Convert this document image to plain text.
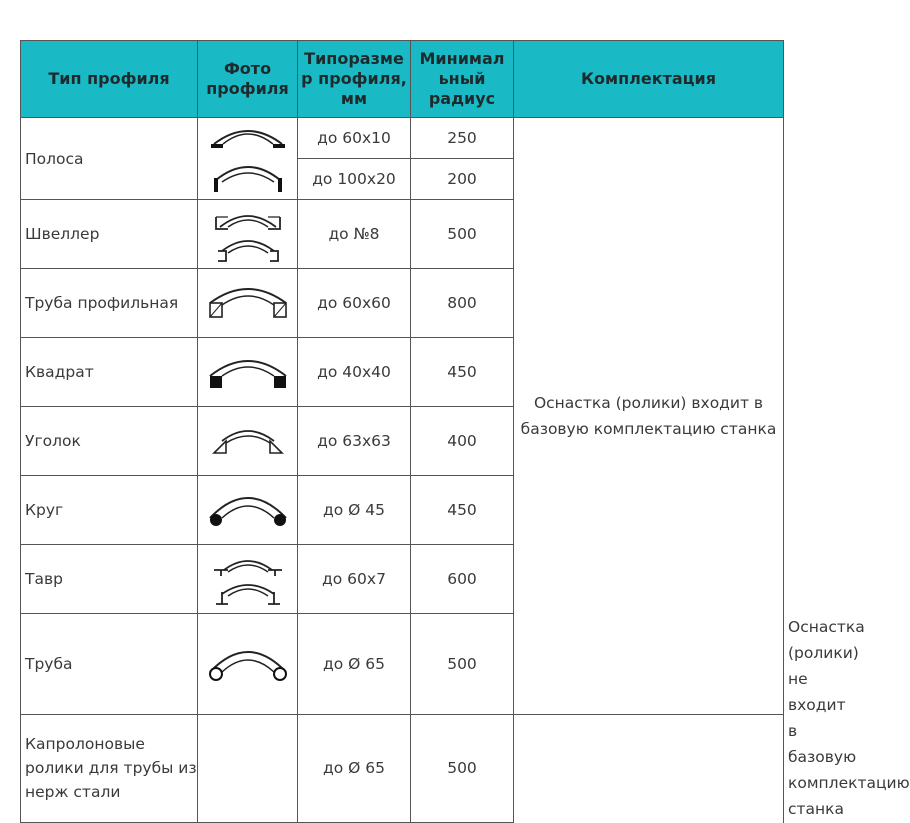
Тип профиля	Фото профиля	Типоразме р профиля, мм	Минимал ьный радиус	Комплектация	
Полоса		до 60x10	250	Оснастка (ролики) входит в базовую комплектацию станка	
		до 100x20	200		
Швеллер		до №8	500		
Труба профильная		до 60x60	800		
Квадрат		до 40x40	450		
Уголок		до 63x63	400		
Круг		до Ø 45	450		
Тавр		до 60x7	600		
Труба		до Ø 65	500		Оснастка (ролики) не входит в базовую комплектацию станка
Капролоновые ролики для трубы из нерж стали		до Ø 65	500		
